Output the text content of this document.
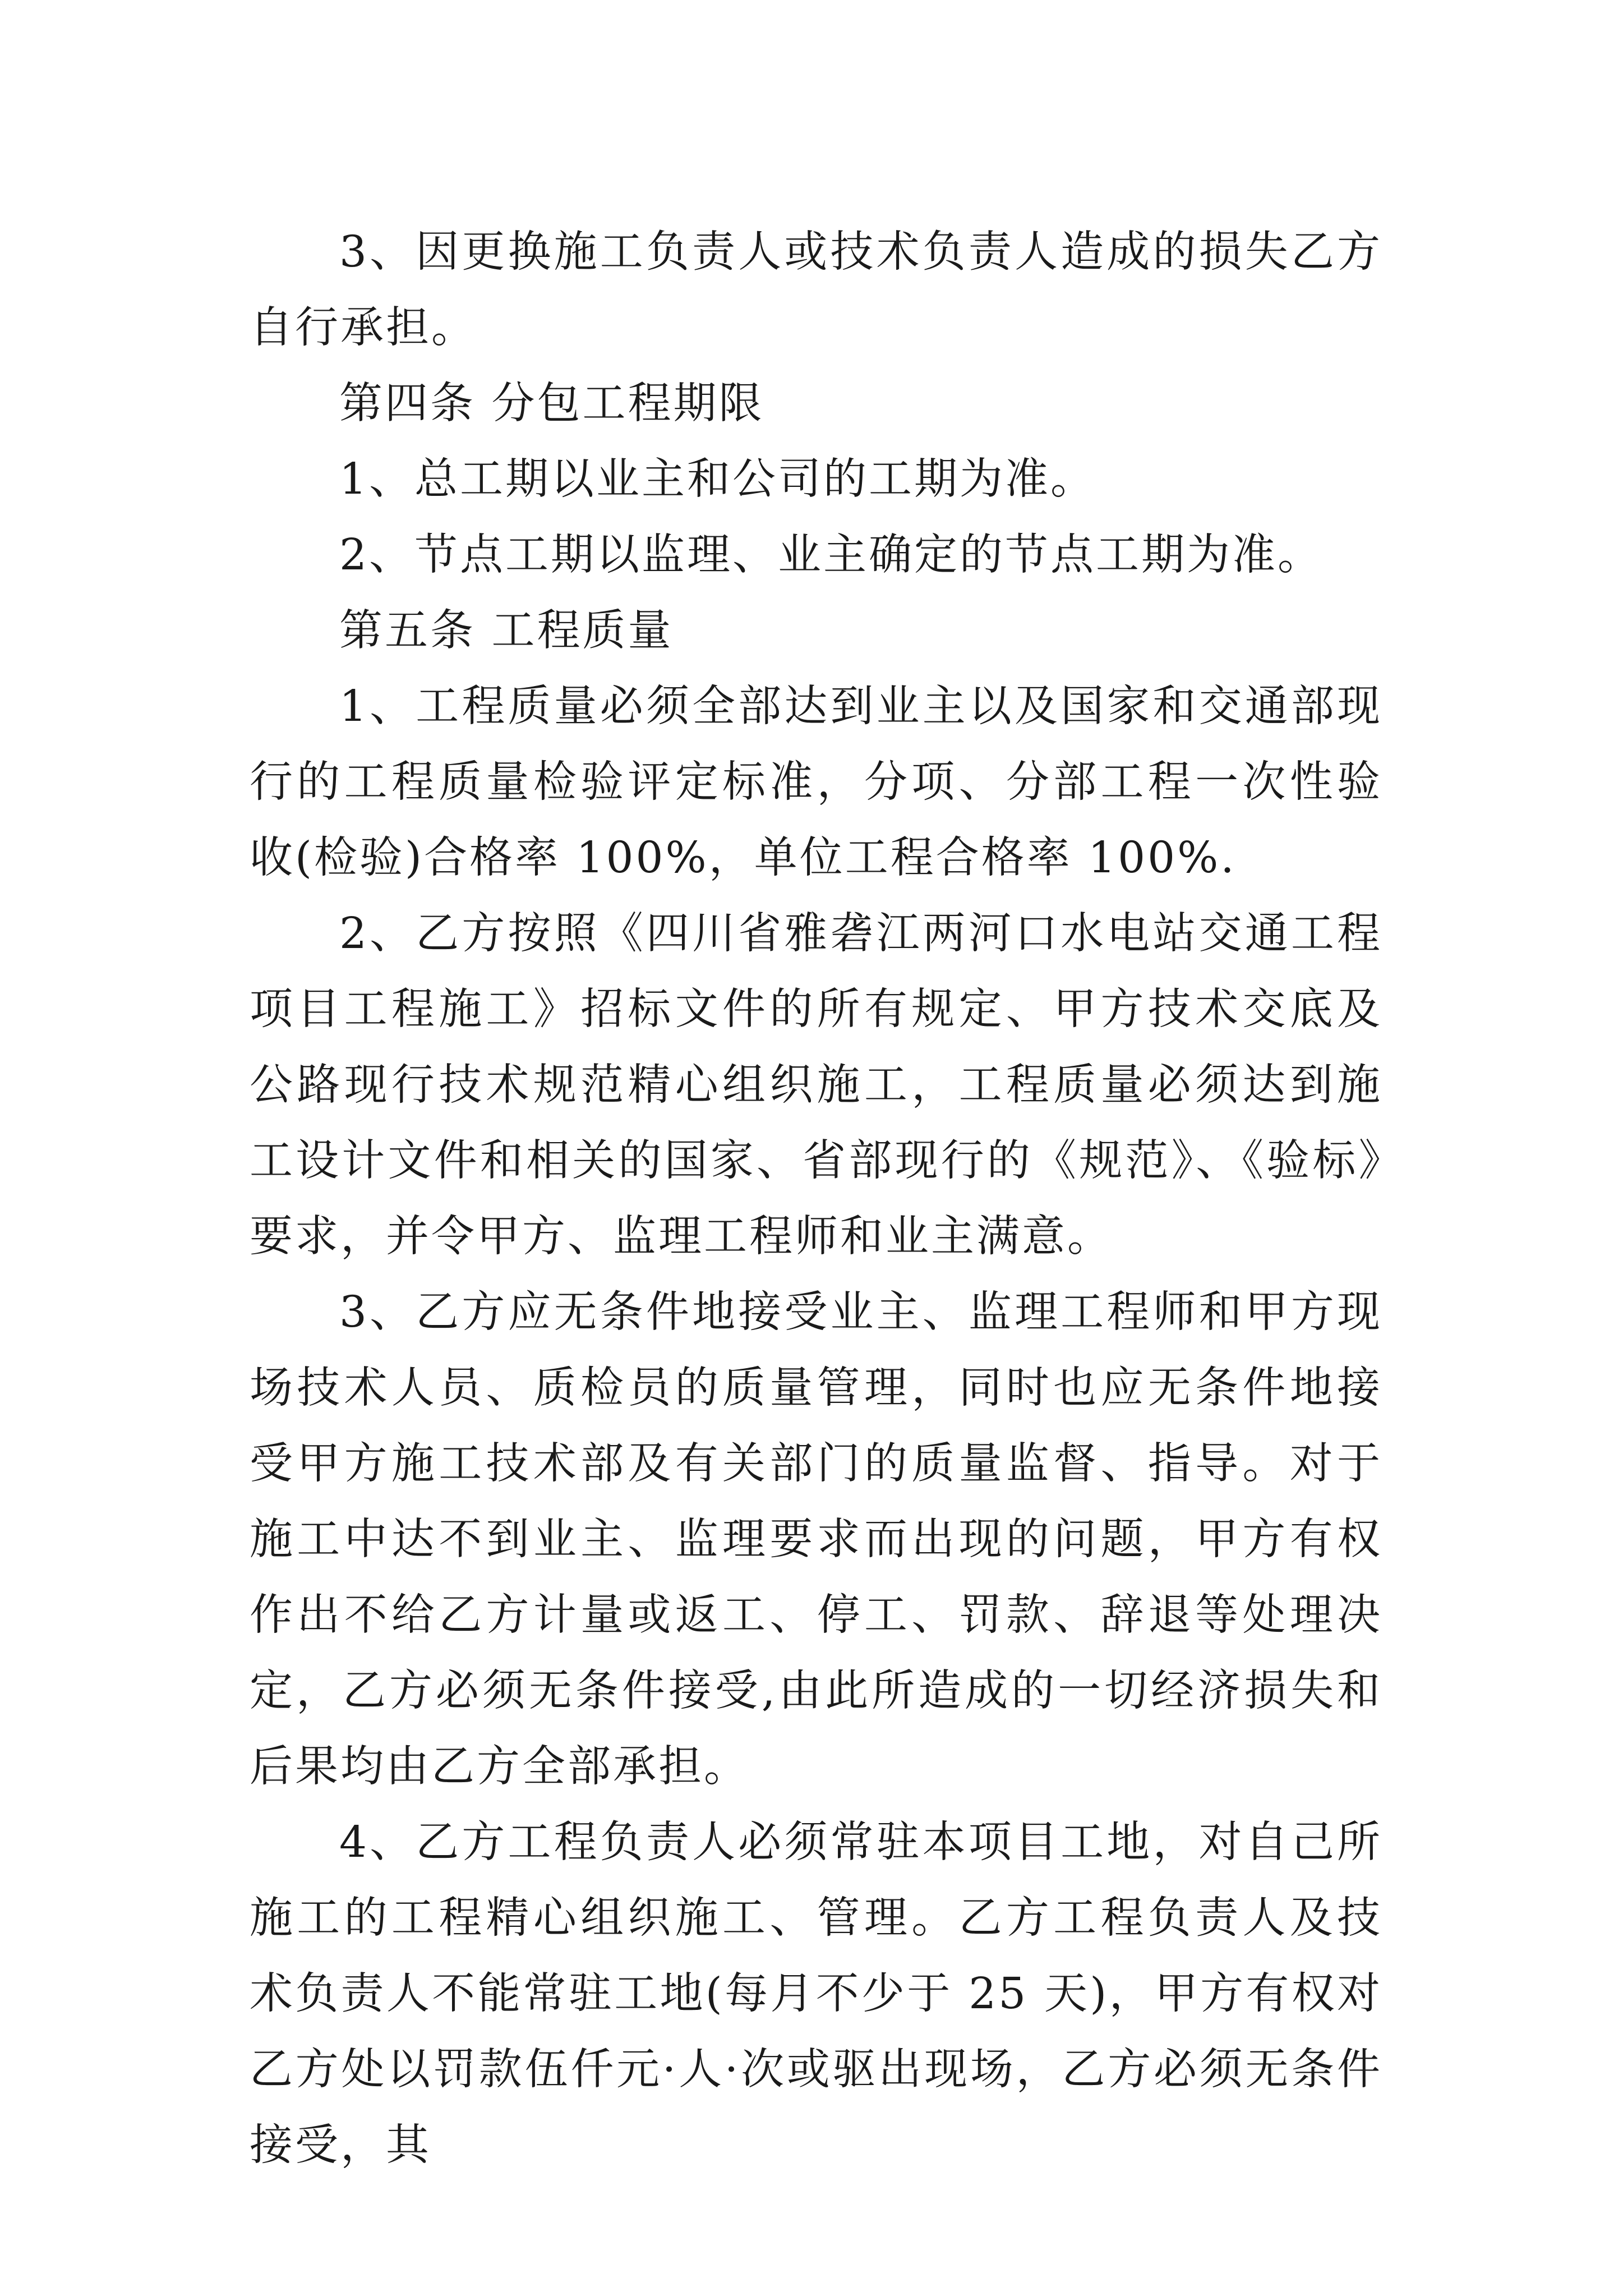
3、因更换施工负责人或技术负责人造成的损失乙方自行承担。

第四条 分包工程期限

1、总工期以业主和公司的工期为准。

2、节点工期以监理、业主确定的节点工期为准。

第五条 工程质量

1、工程质量必须全部达到业主以及国家和交通部现行的工程质量检验评定标准，分项、分部工程一次性验收(检验)合格率 100%，单位工程合格率 100%.

2、乙方按照《四川省雅砻江两河口水电站交通工程项目工程施工》招标文件的所有规定、甲方技术交底及公路现行技术规范精心组织施工，工程质量必须达到施工设计文件和相关的国家、省部现行的《规范》、《验标》要求，并令甲方、监理工程师和业主满意。

3、乙方应无条件地接受业主、监理工程师和甲方现场技术人员、质检员的质量管理，同时也应无条件地接受甲方施工技术部及有关部门的质量监督、指导。对于施工中达不到业主、监理要求而出现的问题，甲方有权作出不给乙方计量或返工、停工、罚款、辞退等处理决定，乙方必须无条件接受,由此所造成的一切经济损失和后果均由乙方全部承担。

4、乙方工程负责人必须常驻本项目工地，对自己所施工的工程精心组织施工、管理。乙方工程负责人及技术负责人不能常驻工地(每月不少于 25 天)，甲方有权对乙方处以罚款伍仟元·人·次或驱出现场，乙方必须无条件接受，其
